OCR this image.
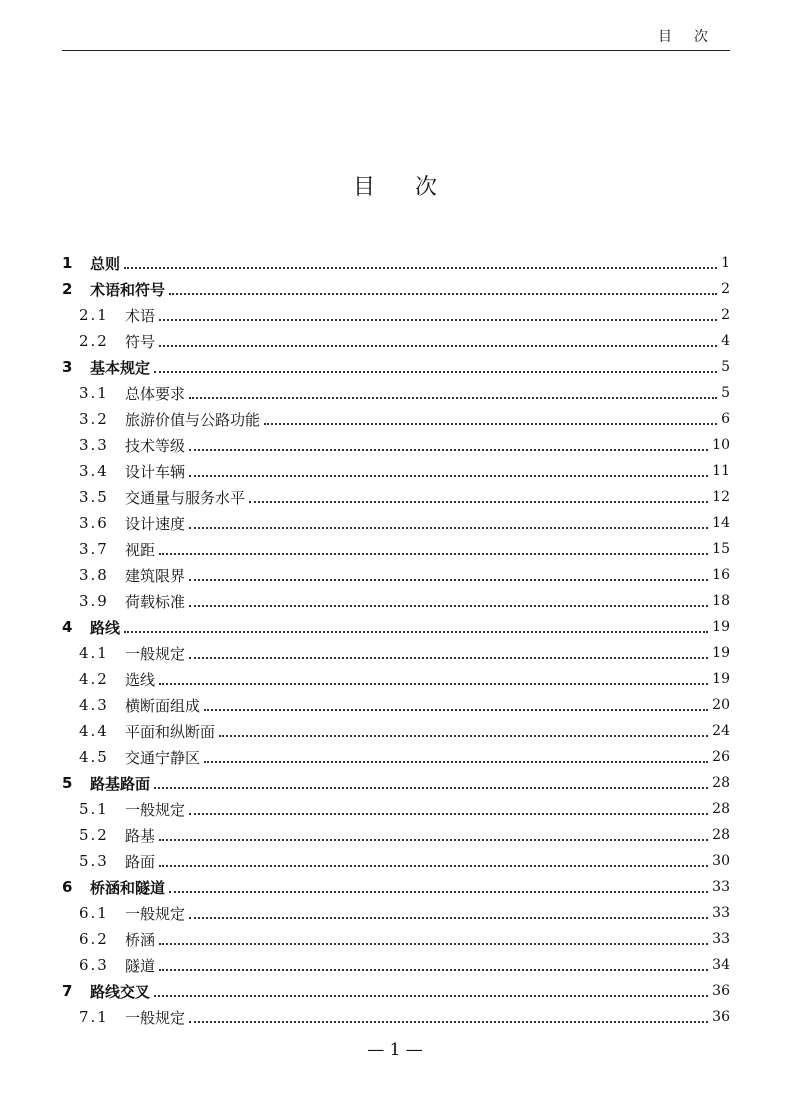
目次
目次
1	总则	1
2	术语和符号	2
2.1	术语	2
2.2	符号	4
3	基本规定	5
3.1	总体要求	5
3.2	旅游价值与公路功能	6
3.3	技术等级	10
3.4	设计车辆	11
3.5	交通量与服务水平	12
3.6	设计速度	14
3.7	视距	15
3.8	建筑限界	16
3.9	荷载标准	18
4	路线	19
4.1	一般规定	19
4.2	选线	19
4.3	横断面组成	20
4.4	平面和纵断面	24
4.5	交通宁静区	26
5	路基路面	28
5.1	一般规定	28
5.2	路基	28
5.3	路面	30
6	桥涵和隧道	33
6.1	一般规定	33
6.2	桥涵	33
6.3	隧道	34
7	路线交叉	36
7.1	一般规定	36
— 1 —
